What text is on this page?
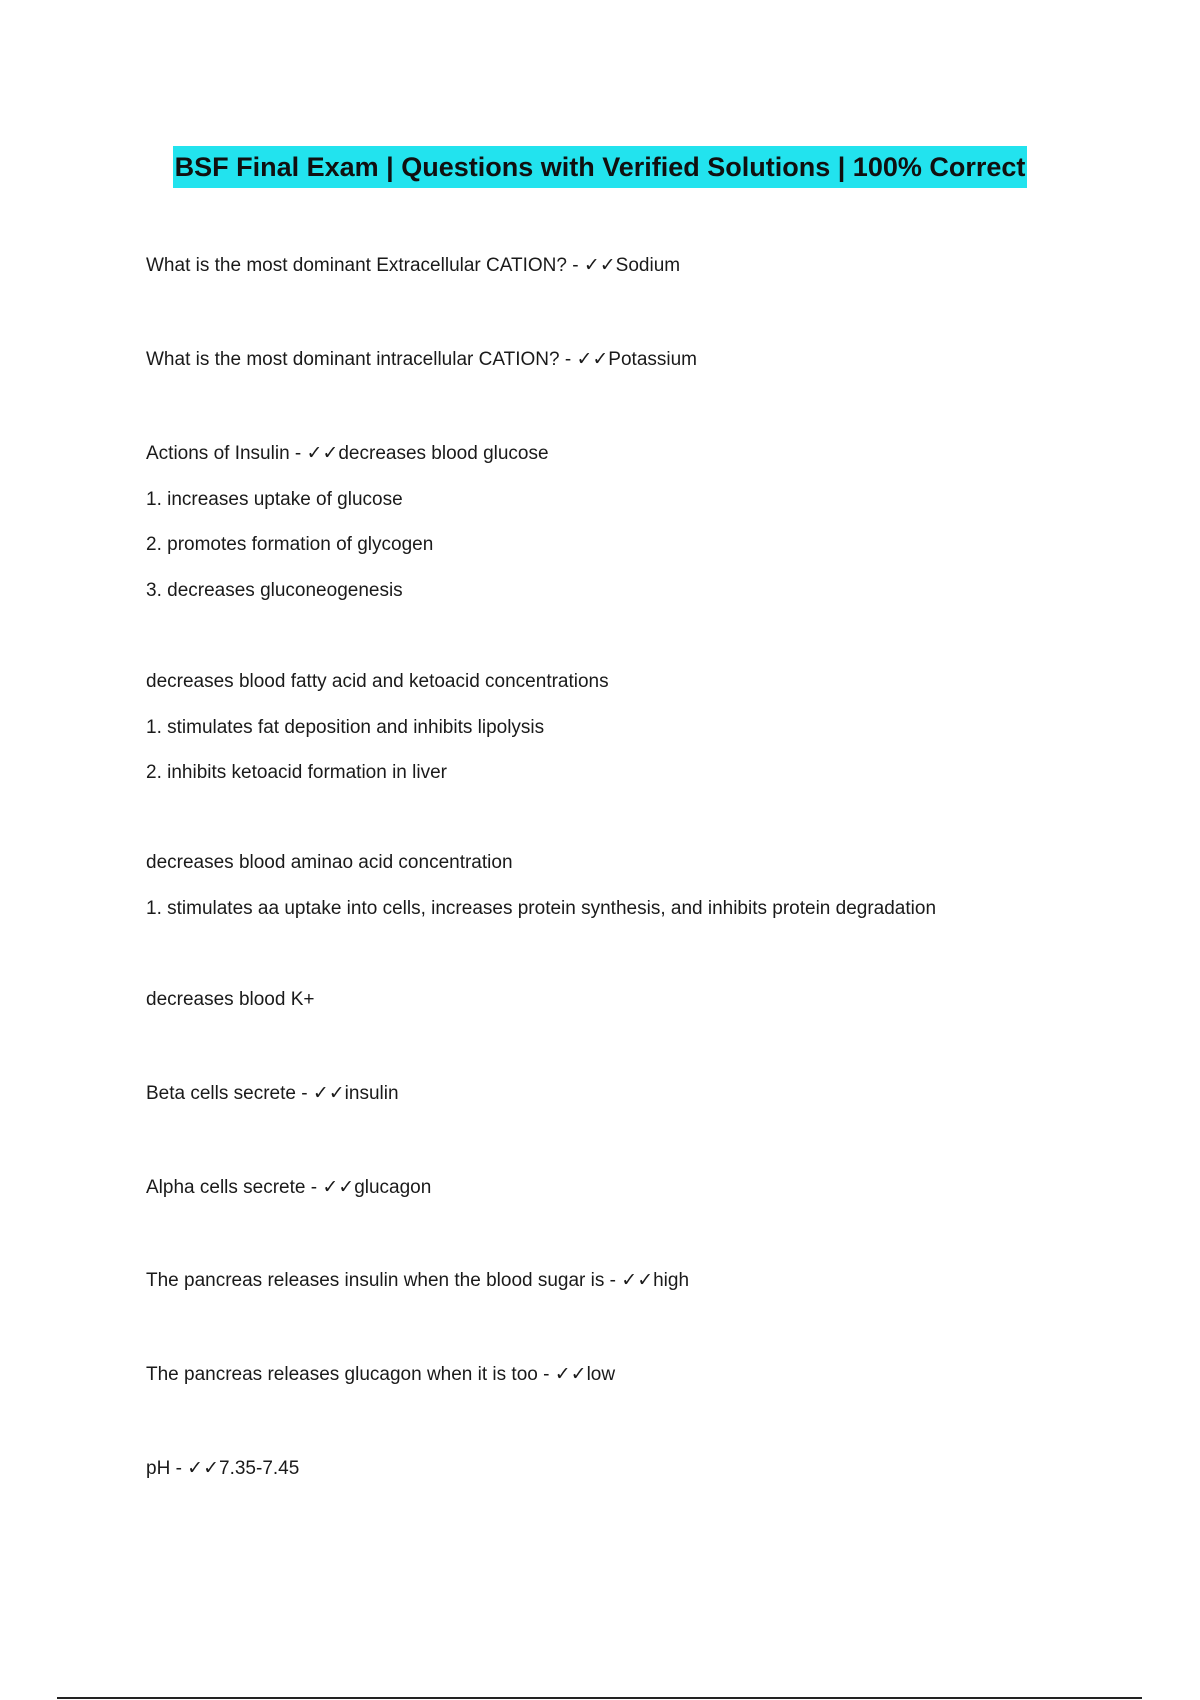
BSF Final Exam | Questions with Verified Solutions | 100% Correct
What is the most dominant Extracellular CATION? - ✓✓Sodium
What is the most dominant intracellular CATION? - ✓✓Potassium
Actions of Insulin - ✓✓decreases blood glucose
1. increases uptake of glucose
2. promotes formation of glycogen
3. decreases gluconeogenesis
decreases blood fatty acid and ketoacid concentrations
1. stimulates fat deposition and inhibits lipolysis
2. inhibits ketoacid formation in liver
decreases blood aminao acid concentration
1. stimulates aa uptake into cells, increases protein synthesis, and inhibits protein degradation
decreases blood K+
Beta cells secrete - ✓✓insulin
Alpha cells secrete - ✓✓glucagon
The pancreas releases insulin when the blood sugar is - ✓✓high
The pancreas releases glucagon when it is too - ✓✓low
pH - ✓✓7.35-7.45
